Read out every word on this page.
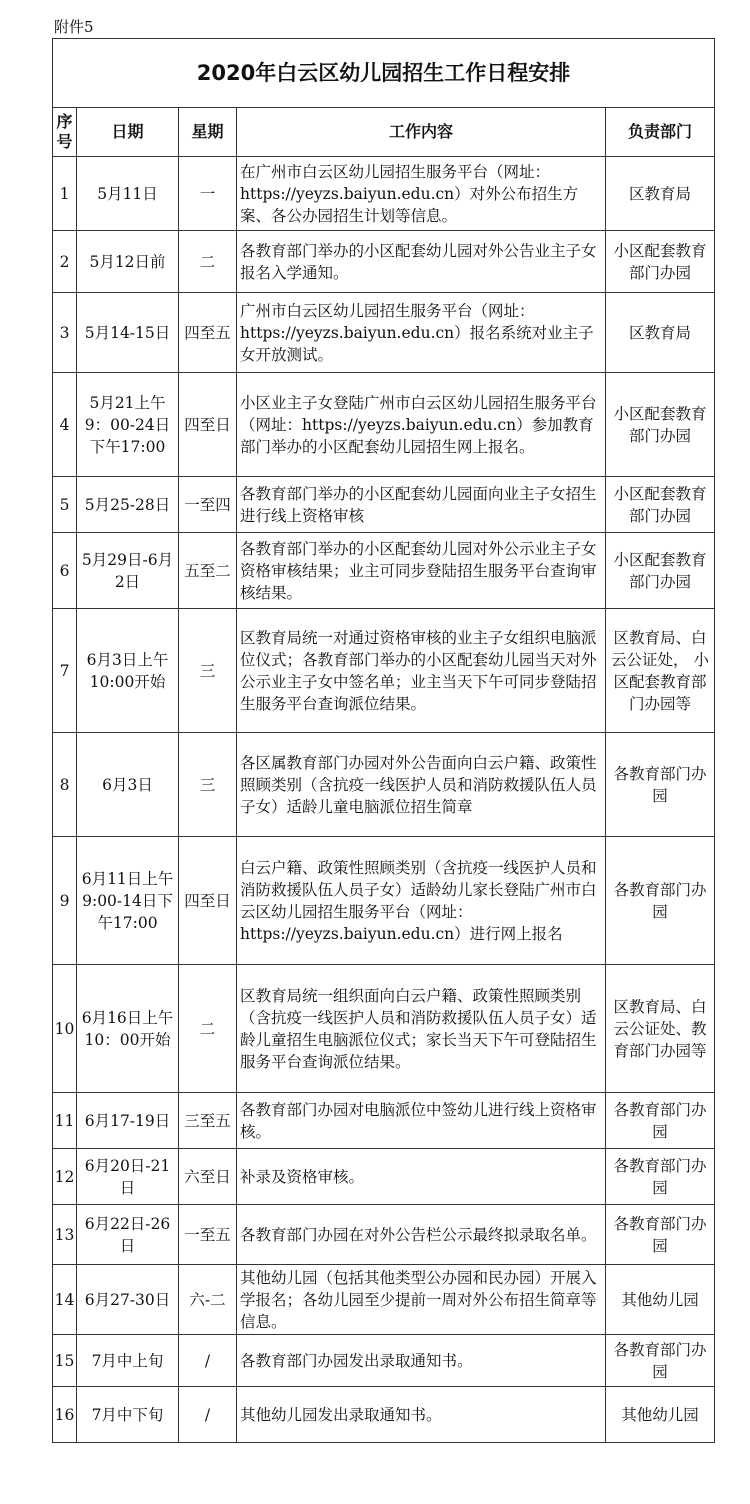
附件5
2020年白云区幼儿园招生工作日程安排				
序号	日期	星期	工作内容	负责部门
1	5月11日	一	在广州市白云区幼儿园招生服务平台（网址：https://yeyzs.baiyun.edu.cn）对外公布招生方案、各公办园招生计划等信息。	区教育局
2	5月12日前	二	各教育部门举办的小区配套幼儿园对外公告业主子女报名入学通知。	小区配套教育部门办园
3	5月14-15日	四至五	广州市白云区幼儿园招生服务平台（网址：https://yeyzs.baiyun.edu.cn）报名系统对业主子女开放测试。	区教育局
4	5月21上午9：00-24日下午17:00	四至日	小区业主子女登陆广州市白云区幼儿园招生服务平台（网址：https://yeyzs.baiyun.edu.cn）参加教育部门举办的小区配套幼儿园招生网上报名。	小区配套教育部门办园
5	5月25-28日	一至四	各教育部门举办的小区配套幼儿园面向业主子女招生进行线上资格审核	小区配套教育部门办园
6	5月29日-6月2日	五至二	各教育部门举办的小区配套幼儿园对外公示业主子女资格审核结果；业主可同步登陆招生服务平台查询审核结果。	小区配套教育部门办园
7	6月3日上午10:00开始	三	区教育局统一对通过资格审核的业主子女组织电脑派位仪式；各教育部门举办的小区配套幼儿园当天对外公示业主子女中签名单；业主当天下午可同步登陆招生服务平台查询派位结果。	区教育局、白云公证处， 小区配套教育部门办园等
8	6月3日	三	各区属教育部门办园对外公告面向白云户籍、政策性照顾类别（含抗疫一线医护人员和消防救援队伍人员子女）适龄儿童电脑派位招生简章	各教育部门办园
9	6月11日上午9:00-14日下午17:00	四至日	白云户籍、政策性照顾类别（含抗疫一线医护人员和消防救援队伍人员子女）适龄幼儿家长登陆广州市白云区幼儿园招生服务平台（网址：https://yeyzs.baiyun.edu.cn）进行网上报名	各教育部门办园
10	6月16日上午10：00开始	二	区教育局统一组织面向白云户籍、政策性照顾类别（含抗疫一线医护人员和消防救援队伍人员子女）适龄儿童招生电脑派位仪式；家长当天下午可登陆招生服务平台查询派位结果。	区教育局、白云公证处、教育部门办园等
11	6月17-19日	三至五	各教育部门办园对电脑派位中签幼儿进行线上资格审核。	各教育部门办园
12	6月20日-21日	六至日	补录及资格审核。	各教育部门办园
13	6月22日-26日	一至五	各教育部门办园在对外公告栏公示最终拟录取名单。	各教育部门办园
14	6月27-30日	六-二	其他幼儿园（包括其他类型公办园和民办园）开展入学报名；各幼儿园至少提前一周对外公布招生简章等信息。	其他幼儿园
15	7月中上旬	/	各教育部门办园发出录取通知书。	各教育部门办园
16	7月中下旬	/	其他幼儿园发出录取通知书。	其他幼儿园
